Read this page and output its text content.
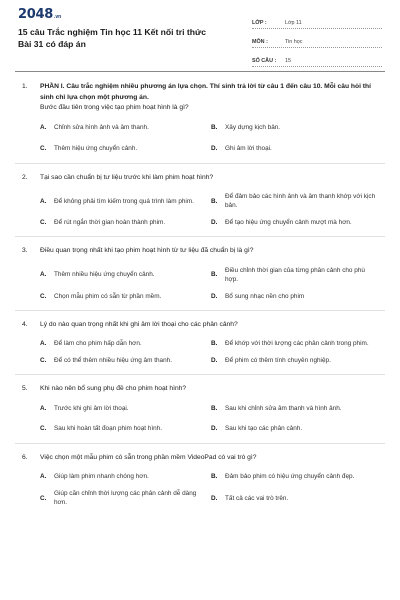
2048 .vn
15 câu Trắc nghiệm Tin học 11 Kết nối tri thức Bài 31 có đáp án
LỚP :	Lớp 11
MÔN :	Tin học
SỐ CÂU :	15
1.	PHẦN I. Câu trắc nghiệm nhiều phương án lựa chọn. Thí sinh trả lời từ câu 1 đến câu 10. Mỗi câu hỏi thí sinh chỉ lựa chọn một phương án.
Bước đầu tiên trong việc tạo phim hoạt hình là gì?
A.	Chỉnh sửa hình ảnh và âm thanh.	B.	Xây dựng kịch bản.
C.	Thêm hiệu ứng chuyển cảnh.	D.	Ghi âm lời thoại.
2.	Tại sao cần chuẩn bị tư liệu trước khi làm phim hoạt hình?
A.	Để không phải tìm kiếm trong quá trình làm phim.	B.
Để đảm bảo các hình ảnh và âm thanh khớp với kịch bản.
C.	Để rút ngắn thời gian hoàn thành phim.	D.	Để tạo hiệu ứng chuyển cảnh mượt mà hơn.
3.	Điều quan trọng nhất khi tạo phim hoạt hình từ tư liệu đã chuẩn bị là gì?
A.	Thêm nhiều hiệu ứng chuyển cảnh.	B.
Điều chỉnh thời gian của từng phân cảnh cho phù hợp.
C.	Chọn mẫu phim có sẵn từ phần mềm.	D.	Bổ sung nhạc nền cho phim
4.	Lý do nào quan trọng nhất khi ghi âm lời thoại cho các phân cảnh?
A.	Để làm cho phim hấp dẫn hơn.	B.	Để khớp với thời lượng các phân cảnh trong phim.
C.	Để có thể thêm nhiều hiệu ứng âm thanh.	D.	Để phim có thêm tính chuyên nghiệp.
5.	Khi nào nên bổ sung phụ đề cho phim hoạt hình?
A.	Trước khi ghi âm lời thoại.	B.	Sau khi chỉnh sửa âm thanh và hình ảnh.
C.	Sau khi hoàn tất đoạn phim hoạt hình.	D.	Sau khi tạo các phân cảnh.
6.	Việc chọn một mẫu phim có sẵn trong phần mềm VideoPad có vai trò gì?
A.	Giúp làm phim nhanh chóng hơn.	B.	Đảm bảo phim có hiệu ứng chuyển cảnh đẹp.
C.
Giúp căn chỉnh thời lượng các phân cảnh dễ dàng hơn.
D.	Tất cả các vai trò trên.
